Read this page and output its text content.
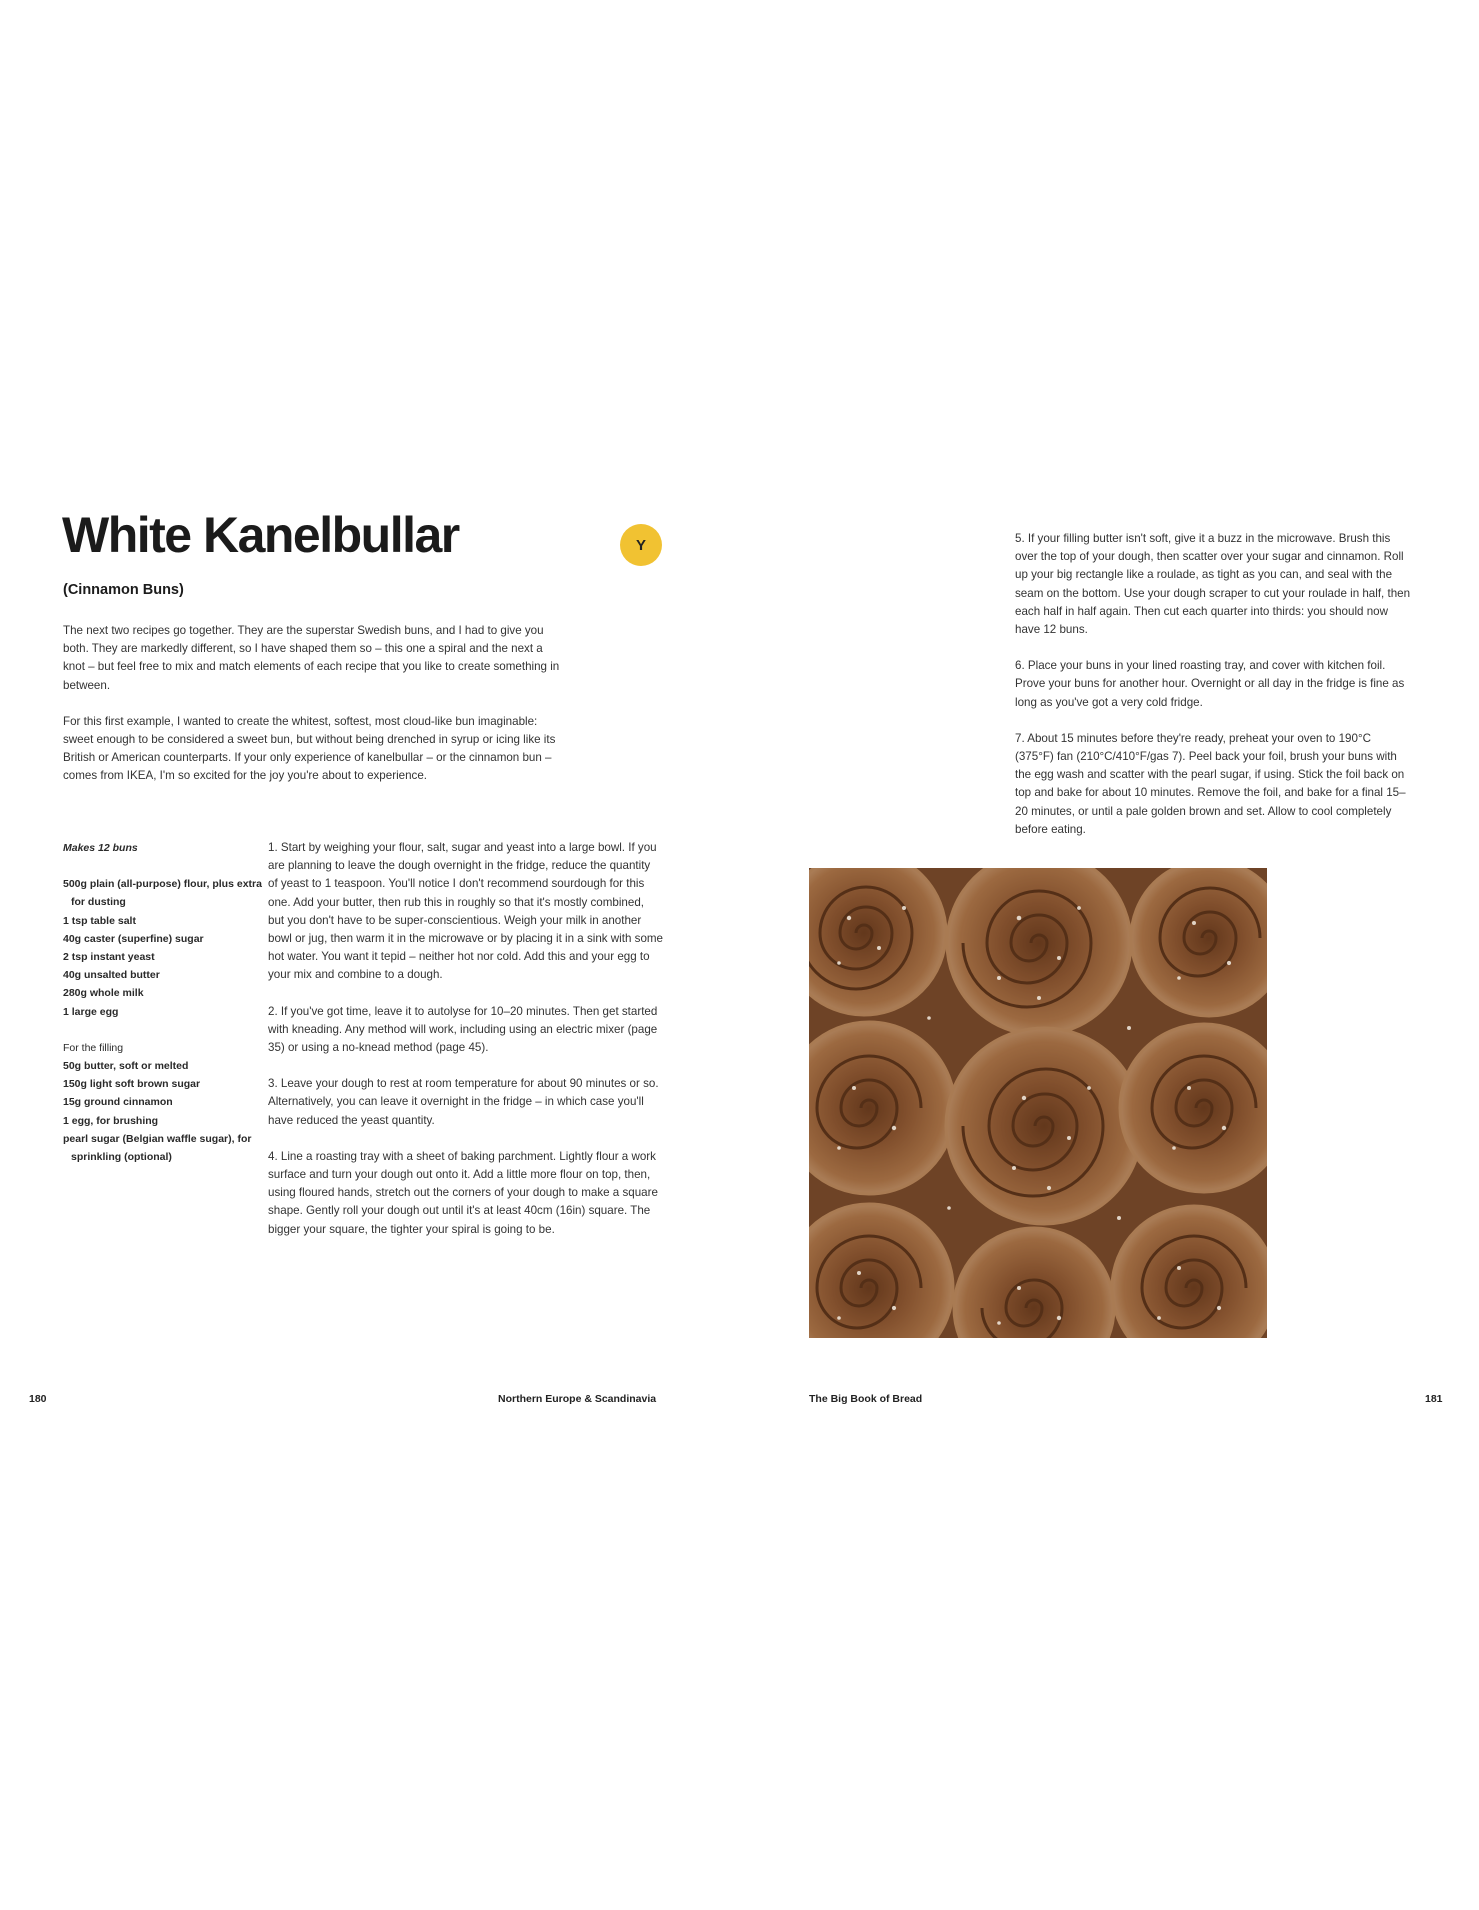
White Kanelbullar
(Cinnamon Buns)
Y

The next two recipes go together. They are the superstar Swedish buns, and I had to give you both. They are markedly different, so I have shaped them so – this one a spiral and the next a knot – but feel free to mix and match elements of each recipe that you like to create something in between.

For this first example, I wanted to create the whitest, softest, most cloud-like bun imaginable: sweet enough to be considered a sweet bun, but without being drenched in syrup or icing like its British or American counterparts. If your only experience of kanelbullar – or the cinnamon bun – comes from IKEA, I'm so excited for the joy you're about to experience.

Makes 12 buns
500g plain (all-purpose) flour, plus extra for dusting
1 tsp table salt
40g caster (superfine) sugar
2 tsp instant yeast
40g unsalted butter
280g whole milk
1 large egg
For the filling
50g butter, soft or melted
150g light soft brown sugar
15g ground cinnamon
1 egg, for brushing
pearl sugar (Belgian waffle sugar), for sprinkling (optional)

1. Start by weighing your flour, salt, sugar and yeast into a large bowl. If you are planning to leave the dough overnight in the fridge, reduce the quantity of yeast to 1 teaspoon. You'll notice I don't recommend sourdough for this one. Add your butter, then rub this in roughly so that it's mostly combined, but you don't have to be super-conscientious. Weigh your milk in another bowl or jug, then warm it in the microwave or by placing it in a sink with some hot water. You want it tepid – neither hot nor cold. Add this and your egg to your mix and combine to a dough.

2. If you've got time, leave it to autolyse for 10–20 minutes. Then get started with kneading. Any method will work, including using an electric mixer (page 35) or using a no-knead method (page 45).

3. Leave your dough to rest at room temperature for about 90 minutes or so. Alternatively, you can leave it overnight in the fridge – in which case you'll have reduced the yeast quantity.

4. Line a roasting tray with a sheet of baking parchment. Lightly flour a work surface and turn your dough out onto it. Add a little more flour on top, then, using floured hands, stretch out the corners of your dough to make a square shape. Gently roll your dough out until it's at least 40cm (16in) square. The bigger your square, the tighter your spiral is going to be.

5. If your filling butter isn't soft, give it a buzz in the microwave. Brush this over the top of your dough, then scatter over your sugar and cinnamon. Roll up your big rectangle like a roulade, as tight as you can, and seal with the seam on the bottom. Use your dough scraper to cut your roulade in half, then each half in half again. Then cut each quarter into thirds: you should now have 12 buns.

6. Place your buns in your lined roasting tray, and cover with kitchen foil. Prove your buns for another hour. Overnight or all day in the fridge is fine as long as you've got a very cold fridge.

7. About 15 minutes before they're ready, preheat your oven to 190°C (375°F) fan (210°C/410°F/gas 7). Peel back your foil, brush your buns with the egg wash and scatter with the pearl sugar, if using. Stick the foil back on top and bake for about 10 minutes. Remove the foil, and bake for a final 15–20 minutes, or until a pale golden brown and set. Allow to cool completely before eating.

180	Northern Europe & Scandinavia	The Big Book of Bread	181
